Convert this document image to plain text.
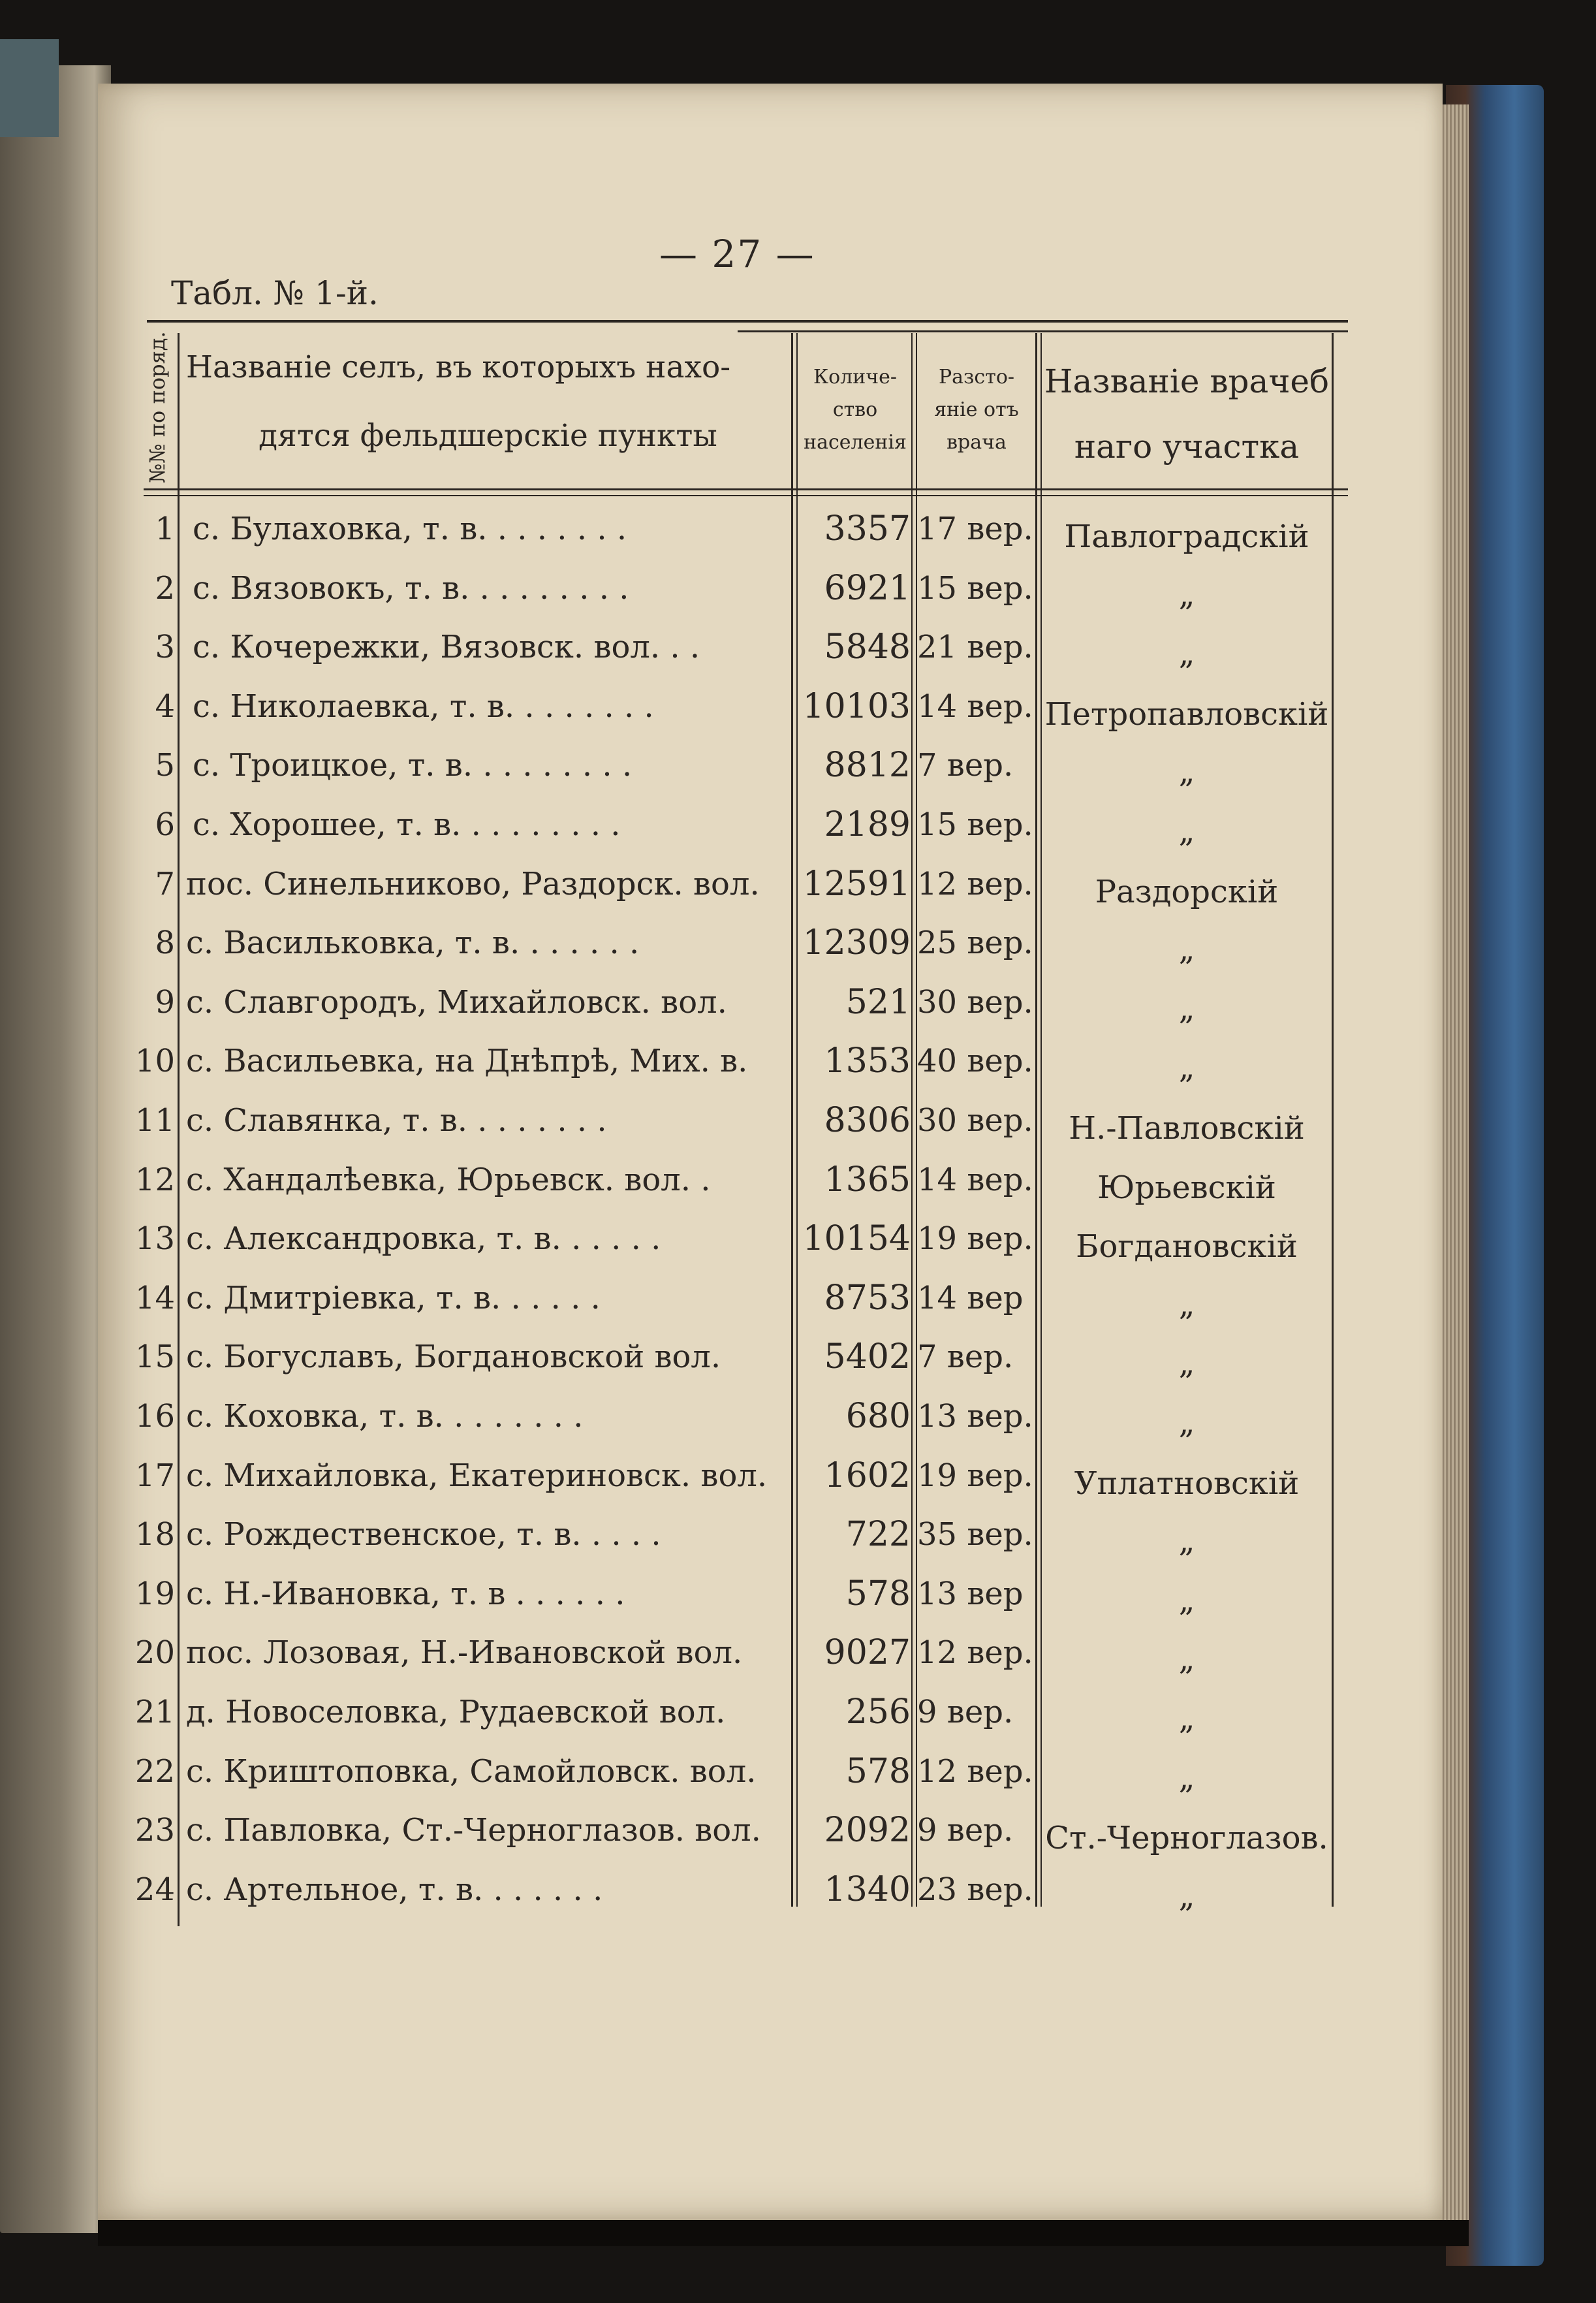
— 27 —
Табл. № 1-й.
№№ по поряд. Названіе селъ, въ которыхъ нахо-
дятся фельдшерскіе пункты
Количе-
ство
населенія
Разсто-
яніе отъ
врача
Названіе врачеб
наго участка
1 с. Булаховка, т. в. . . . . . . .	3357 17 вер. Павлоградскій
2 с. Вязовокъ, т. в. . . . . . . . .	6921 15 вер.	„
3 с. Кочережки, Вязовск. вол. . .	5848 21 вер.	„
4 с. Николаевка, т. в. . . . . . . .	10103 14 вер. Петропавловскій
5 с. Троицкое, т. в. . . . . . . . .	8812 7 вер.	„
6 с. Хорошее, т. в. . . . . . . . .	2189 15 вер.	„
7 пос. Синельниково, Раздорск. вол.	12591 12 вер.	Раздорскій
8 с. Васильковка, т. в. . . . . . .	12309 25 вер.	„
9 с. Славгородъ, Михайловск. вол.	521 30 вер.	„
10 с. Васильевка, на Днѣпрѣ, Мих. в.	1353 40 вер.	„
11 с. Славянка, т. в. . . . . . . .	8306 30 вер.	Н.-Павловскій
12 с. Хандалѣевка, Юрьевск. вол. .	1365 14 вер.	Юрьевскій
13 с. Александровка, т. в. . . . . .	10154 19 вер.	Богдановскій
14 с. Дмитріевка, т. в. . . . . .	8753 14 вер	„
15 с. Богуславъ, Богдановской вол.	5402 7 вер.	„
16 с. Коховка, т. в. . . . . . . .	680 13 вер.	„
17 с. Михайловка, Екатериновск. вол.	1602 19 вер.	Уплатновскій
18 с. Рождественское, т. в. . . . .	722 35 вер.	„
19 с. Н.-Ивановка, т. в . . . . . .	578 13 вер	„
20 пос. Лозовая, Н.-Ивановской вол.	9027 12 вер.	„
21 д. Новоселовка, Рудаевской вол.	256 9 вер.	„
22 с. Криштоповка, Самойловск. вол.	578 12 вер.	„
23 с. Павловка, Ст.-Черноглазов. вол.	2092 9 вер.	Ст.-Черноглазов.
24 с. Артельное, т. в. . . . . . .	1340 23 вер.	„
